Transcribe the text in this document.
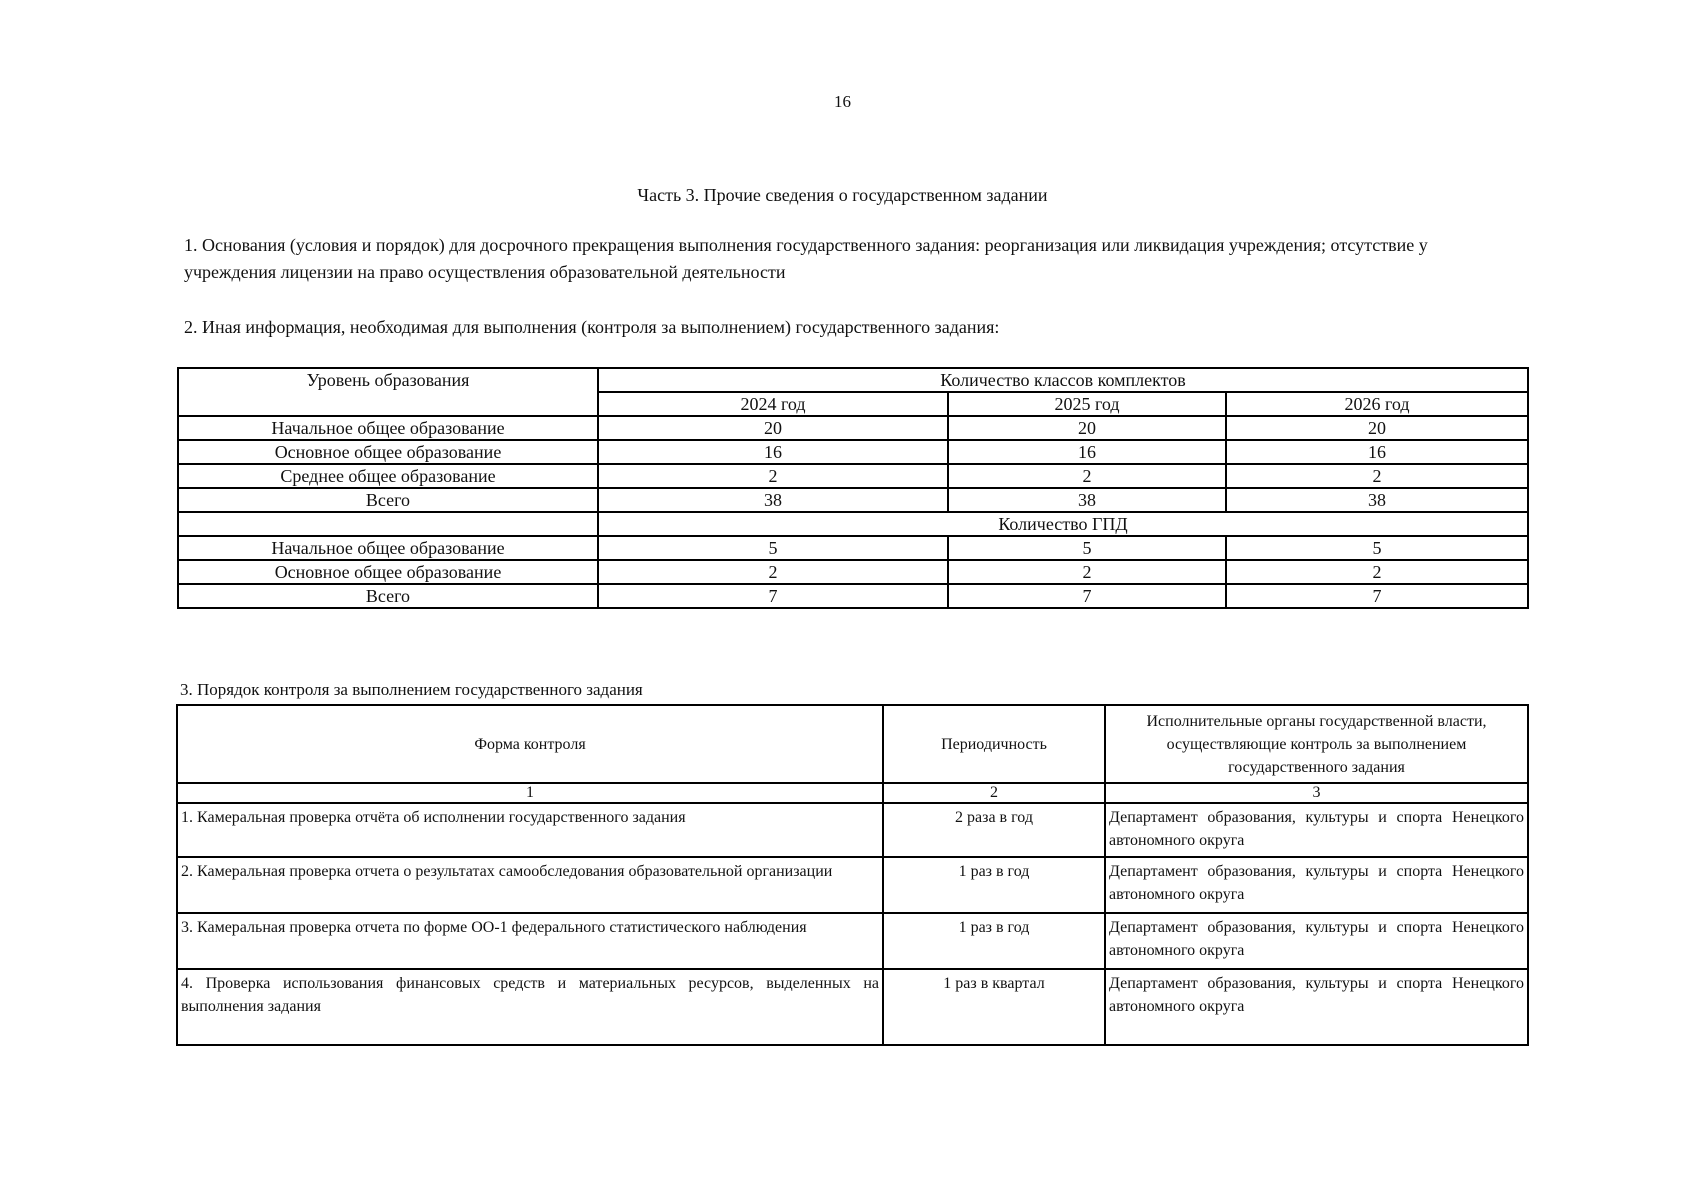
16
Часть 3. Прочие сведения о государственном задании
1. Основания (условия и порядок) для досрочного прекращения выполнения государственного задания: реорганизация или ликвидация учреждения; отсутствие у учреждения лицензии на право осуществления образовательной деятельности
2. Иная информация, необходимая для выполнения (контроля за выполнением) государственного задания:
Уровень образования	Количество классов комплектов		
	2024 год	2025 год	2026 год
Начальное общее образование	20	20	20
Основное общее образование	16	16	16
Среднее общее образование	2	2	2
Всего	38	38	38
	Количество ГПД		
Начальное общее образование	5	5	5
Основное общее образование	2	2	2
Всего	7	7	7
3. Порядок контроля за выполнением государственного задания
Форма контроля	Периодичность	Исполнительные органы государственной власти, осуществляющие контроль за выполнением государственного задания
1	2	3
1. Камеральная проверка отчёта об исполнении государственного задания	2 раза в год	Департамент образования, культуры и спорта Ненецкого автономного округа
2. Камеральная проверка отчета о результатах самообследования образовательной организации	1 раз в год	Департамент образования, культуры и спорта Ненецкого автономного округа
3. Камеральная проверка отчета по форме ОО-1 федерального статистического наблюдения	1 раз в год	Департамент образования, культуры и спорта Ненецкого автономного округа
4. Проверка использования финансовых средств и материальных ресурсов, выделенных на выполнения задания	1 раз в квартал	Департамент образования, культуры и спорта Ненецкого автономного округа
